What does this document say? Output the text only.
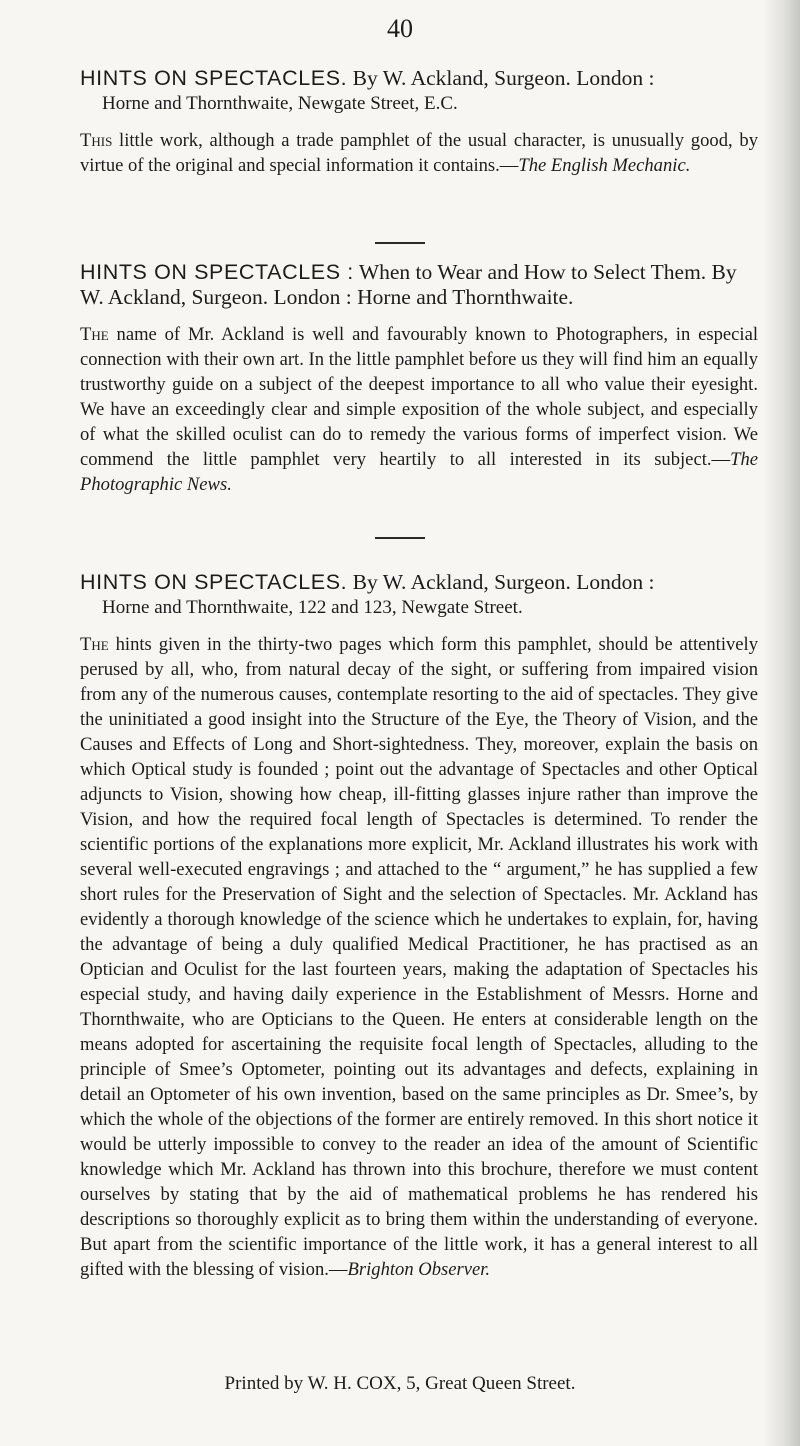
40

HINTS ON SPECTACLES. By W. Ackland, Surgeon. London :
Horne and Thornthwaite, Newgate Street, E.C.

This little work, although a trade pamphlet of the usual character, is unusually good, by virtue of the original and special information it contains.—The English Mechanic.

HINTS ON SPECTACLES : When to Wear and How to Select Them. By W. Ackland, Surgeon. London : Horne and Thornthwaite.

The name of Mr. Ackland is well and favourably known to Photographers, in especial connection with their own art. In the little pamphlet before us they will find him an equally trustworthy guide on a subject of the deepest importance to all who value their eyesight. We have an exceedingly clear and simple exposition of the whole subject, and especially of what the skilled oculist can do to remedy the various forms of imperfect vision. We commend the little pamphlet very heartily to all interested in its subject.—The Photographic News.

HINTS ON SPECTACLES. By W. Ackland, Surgeon. London :
Horne and Thornthwaite, 122 and 123, Newgate Street.

The hints given in the thirty-two pages which form this pamphlet, should be attentively perused by all, who, from natural decay of the sight, or suffering from impaired vision from any of the numerous causes, contemplate resorting to the aid of spectacles. They give the uninitiated a good insight into the Structure of the Eye, the Theory of Vision, and the Causes and Effects of Long and Short-sightedness. They, moreover, explain the basis on which Optical study is founded ; point out the advantage of Spectacles and other Optical adjuncts to Vision, showing how cheap, ill-fitting glasses injure rather than improve the Vision, and how the required focal length of Spectacles is determined. To render the scientific portions of the explanations more explicit, Mr. Ackland illustrates his work with several well-executed engravings ; and attached to the “ argument,” he has supplied a few short rules for the Preservation of Sight and the selection of Spectacles. Mr. Ackland has evidently a thorough knowledge of the science which he undertakes to explain, for, having the advantage of being a duly qualified Medical Practitioner, he has practised as an Optician and Oculist for the last fourteen years, making the adaptation of Spectacles his especial study, and having daily experience in the Establishment of Messrs. Horne and Thornthwaite, who are Opticians to the Queen. He enters at considerable length on the means adopted for ascertaining the requisite focal length of Spectacles, alluding to the principle of Smee’s Optometer, pointing out its advantages and defects, explaining in detail an Optometer of his own invention, based on the same principles as Dr. Smee’s, by which the whole of the objections of the former are entirely removed. In this short notice it would be utterly impossible to convey to the reader an idea of the amount of Scientific knowledge which Mr. Ackland has thrown into this brochure, therefore we must content ourselves by stating that by the aid of mathematical problems he has rendered his descriptions so thoroughly explicit as to bring them within the understanding of everyone. But apart from the scientific importance of the little work, it has a general interest to all gifted with the blessing of vision.—Brighton Observer.

Printed by W. H. COX, 5, Great Queen Street.
